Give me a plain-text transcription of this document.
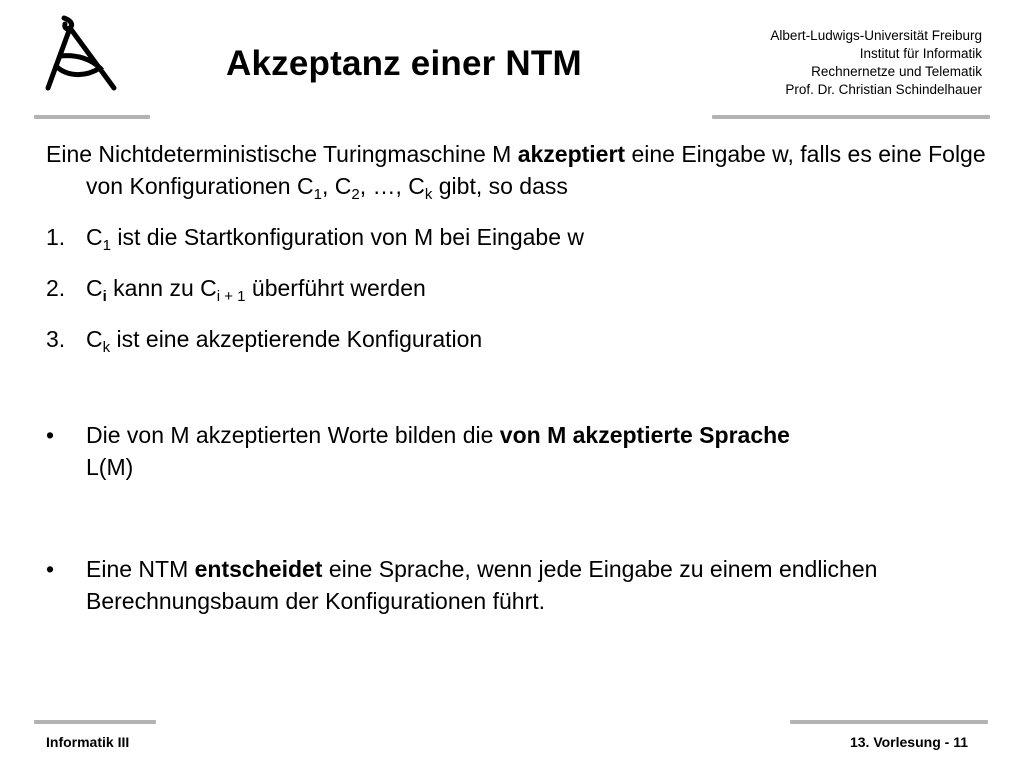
Akzeptanz einer NTM
Albert-Ludwigs-Universität Freiburg
Institut für Informatik
Rechnernetze und Telematik
Prof. Dr. Christian Schindelhauer
Eine Nichtdeterministische Turingmaschine M akzeptiert eine Eingabe w, falls es eine Folge von Konfigurationen $C_1$, $C_2$, …, $C_k$ gibt, so dass
1. $C_1$ ist die Startkonfiguration von M bei Eingabe w
2. $C_i$ kann zu $C_{i + 1}$ überführt werden
3. $C_k$ ist eine akzeptierende Konfiguration
•	Die von M akzeptierten Worte bilden die von M akzeptierte Sprache
L(M)
•	Eine NTM entscheidet eine Sprache, wenn jede Eingabe zu einem endlichen Berechnungsbaum der Konfigurationen führt.
Informatik III	13. Vorlesung - 11
